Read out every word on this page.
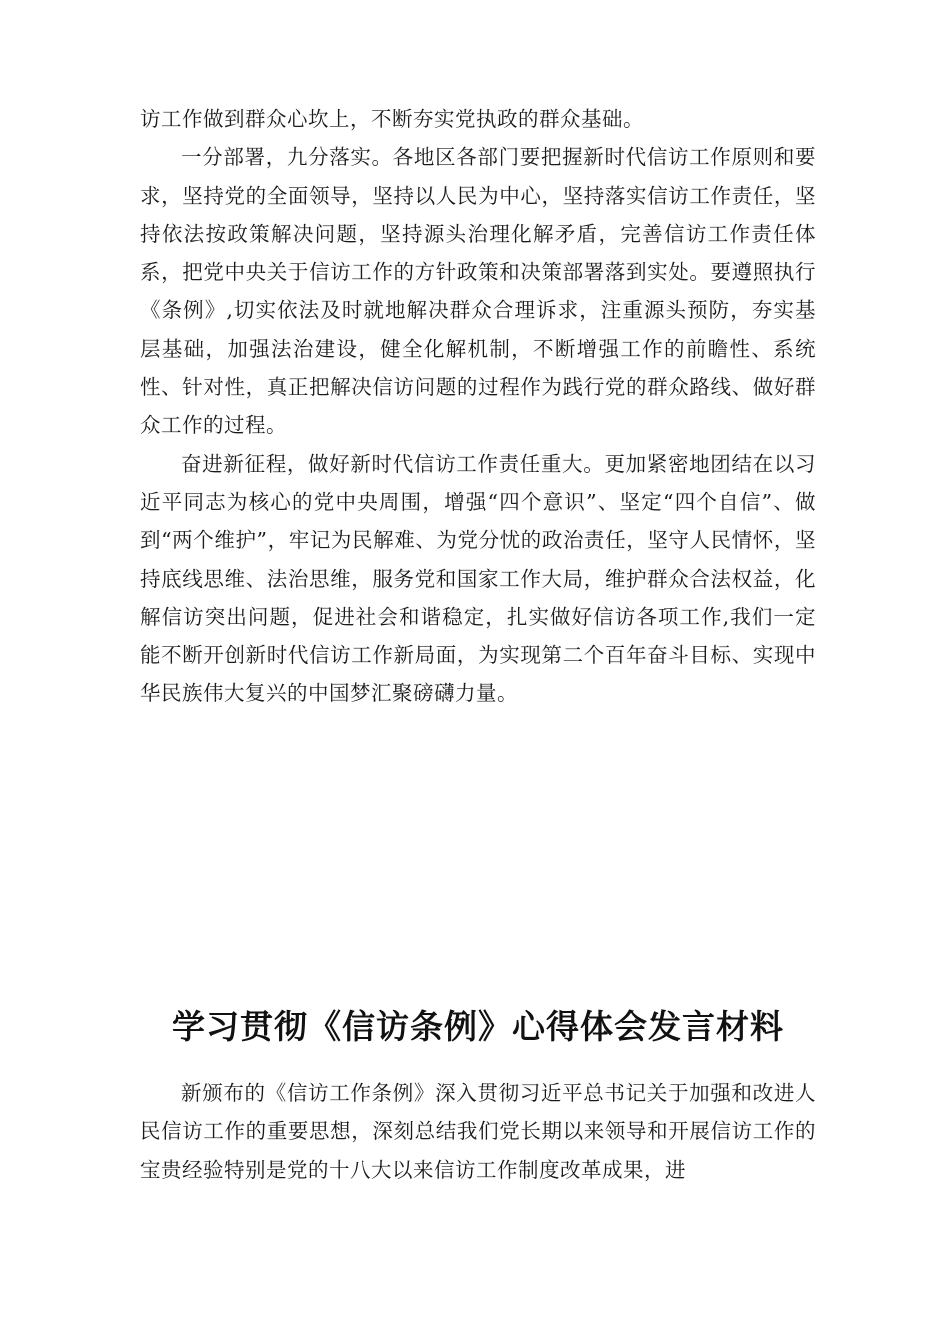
访工作做到群众心坎上，不断夯实党执政的群众基础。

一分部署，九分落实。各地区各部门要把握新时代信访工作原则和要求，坚持党的全面领导，坚持以人民为中心，坚持落实信访工作责任，坚持依法按政策解决问题，坚持源头治理化解矛盾，完善信访工作责任体系，把党中央关于信访工作的方针政策和决策部署落到实处。要遵照执行《条例》,切实依法及时就地解决群众合理诉求，注重源头预防，夯实基层基础，加强法治建设，健全化解机制，不断增强工作的前瞻性、系统性、针对性，真正把解决信访问题的过程作为践行党的群众路线、做好群众工作的过程。

奋进新征程，做好新时代信访工作责任重大。更加紧密地团结在以习近平同志为核心的党中央周围，增强“四个意识”、坚定“四个自信”、做到“两个维护”，牢记为民解难、为党分忧的政治责任，坚守人民情怀，坚持底线思维、法治思维，服务党和国家工作大局，维护群众合法权益，化解信访突出问题，促进社会和谐稳定，扎实做好信访各项工作,我们一定能不断开创新时代信访工作新局面，为实现第二个百年奋斗目标、实现中华民族伟大复兴的中国梦汇聚磅礴力量。

学习贯彻《信访条例》心得体会发言材料

新颁布的《信访工作条例》深入贯彻习近平总书记关于加强和改进人民信访工作的重要思想，深刻总结我们党长期以来领导和开展信访工作的宝贵经验特别是党的十八大以来信访工作制度改革成果，进
